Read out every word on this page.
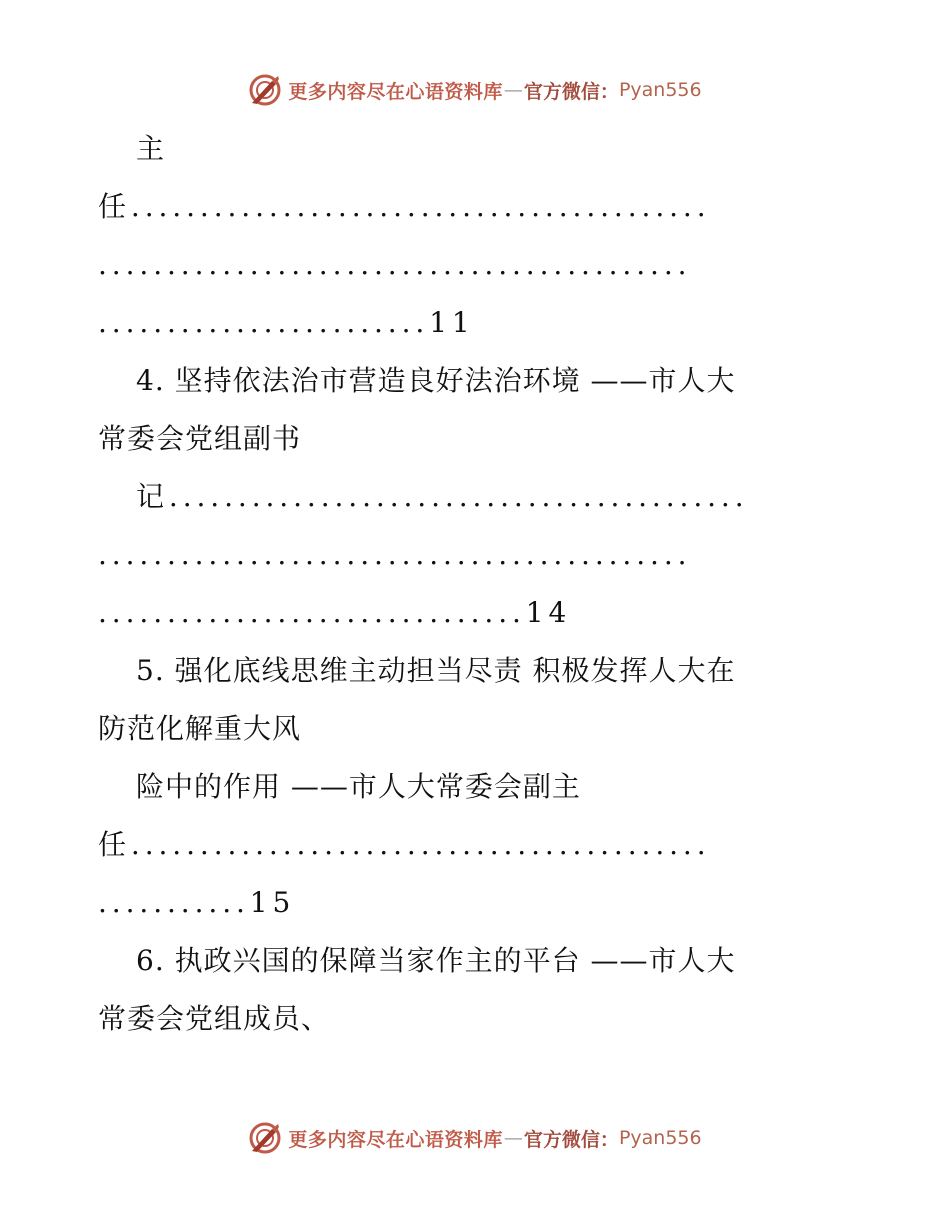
更多内容尽在心语资料库 — 官方微信： Pyan556
主
任..........................................
...........................................
........................11
4. 坚持依法治市营造良好法治环境 ——市人大
常委会党组副书
记..........................................
...........................................
...............................14
5. 强化底线思维主动担当尽责 积极发挥人大在
防范化解重大风
险中的作用 ——市人大常委会副主
任..........................................
...........15
6. 执政兴国的保障当家作主的平台 ——市人大
常委会党组成员、
更多内容尽在心语资料库 — 官方微信： Pyan556
